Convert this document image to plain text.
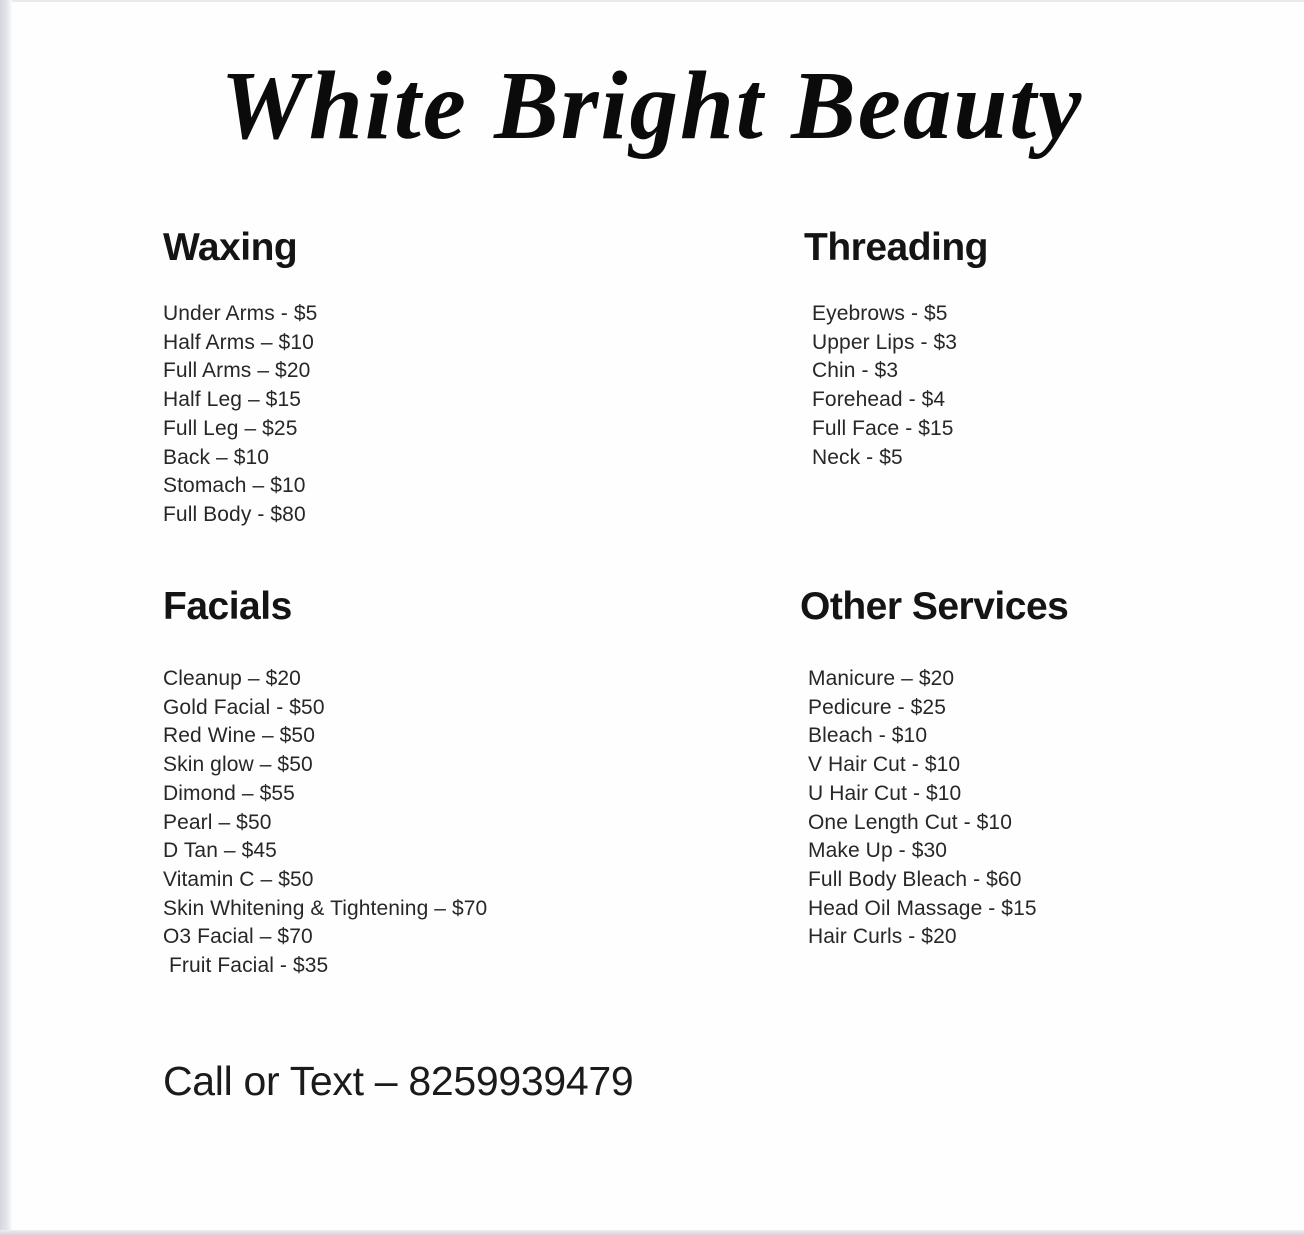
White Bright Beauty
Waxing
Under Arms - $5
Half Arms – $10
Full Arms – $20
Half Leg – $15
Full Leg – $25
Back – $10
Stomach – $10
Full Body - $80
Threading
Eyebrows - $5
Upper Lips - $3
Chin - $3
Forehead - $4
Full Face - $15
Neck - $5
Facials
Cleanup – $20
Gold Facial - $50
Red Wine – $50
Skin glow – $50
Dimond – $55
Pearl – $50
D Tan – $45
Vitamin C – $50
Skin Whitening & Tightening – $70
O3 Facial – $70
Fruit Facial - $35
Other Services
Manicure – $20
Pedicure - $25
Bleach - $10
V Hair Cut - $10
U Hair Cut - $10
One Length Cut - $10
Make Up - $30
Full Body Bleach - $60
Head Oil Massage - $15
Hair Curls - $20
Call or Text – 8259939479
